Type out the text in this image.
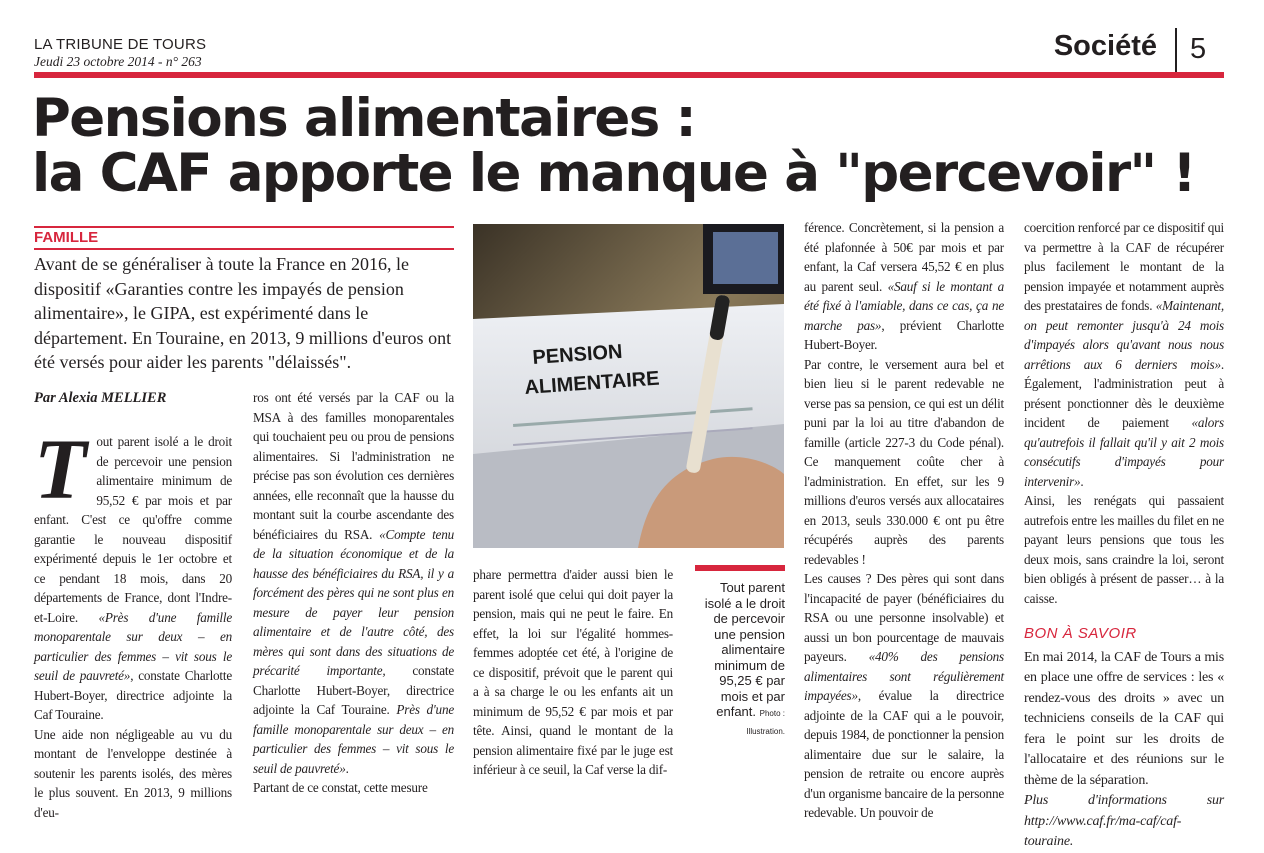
LA TRIBUNE DE TOURS
Jeudi 23 octobre 2014 - n° 263	Société 5
Pensions alimentaires :
la CAF apporte le manque à "percevoir" !
FAMILLE
Avant de se généraliser à toute la France en 2016, le dispositif «Garanties contre les impayés de pension alimentaire», le GIPA, est expérimenté dans le département. En Touraine, en 2013, 9 millions d'euros ont été versés pour aider les parents "délaissés".
Par Alexia MELLIER

Tout parent isolé a le droit de percevoir une pension alimentaire minimum de 95,52 € par mois et par enfant. C'est ce qu'offre comme garantie le nouveau dispositif expérimenté depuis le 1er octobre et ce pendant 18 mois, dans 20 départements de France, dont l'Indre-et-Loire. «Près d'une famille monoparentale sur deux – en particulier des femmes – vit sous le seuil de pauvreté», constate Charlotte Hubert-Boyer, directrice adjointe la Caf Touraine.

Une aide non négligeable au vu du montant de l'enveloppe destinée à soutenir les parents isolés, des mères le plus souvent. En 2013, 9 millions d'eu-

ros ont été versés par la CAF ou la MSA à des familles monoparentales qui touchaient peu ou prou de pensions alimentaires. Si l'administration ne précise pas son évolution ces dernières années, elle reconnaît que la hausse du montant suit la courbe ascendante des bénéficiaires du RSA. «Compte tenu de la situation économique et de la hausse des bénéficiaires du RSA, il y a forcément des pères qui ne sont plus en mesure de payer leur pension alimentaire et de l'autre côté, des mères qui sont dans des situations de précarité importante, constate Charlotte Hubert-Boyer, directrice adjointe la Caf Touraine. Près d'une famille monoparentale sur deux – en particulier des femmes – vit sous le seuil de pauvreté».

Partant de ce constat, cette mesure

PENSION
ALIMENTAIRE
Tout parent isolé a le droit de percevoir une pension alimentaire minimum de 95,25 € par mois et par enfant. Photo : Illustration.

phare permettra d'aider aussi bien le parent isolé que celui qui doit payer la pension, mais qui ne peut le faire. En effet, la loi sur l'égalité hommes-femmes adoptée cet été, à l'origine de ce dispositif, prévoit que le parent qui a à sa charge le ou les enfants ait un minimum de 95,52 € par mois et par tête. Ainsi, quand le montant de la pension alimentaire fixé par le juge est inférieur à ce seuil, la Caf verse la dif-

férence. Concrètement, si la pension a été plafonnée à 50€ par mois et par enfant, la Caf versera 45,52 € en plus au parent seul. «Sauf si le montant a été fixé à l'amiable, dans ce cas, ça ne marche pas», prévient Charlotte Hubert-Boyer.

Par contre, le versement aura bel et bien lieu si le parent redevable ne verse pas sa pension, ce qui est un délit puni par la loi au titre d'abandon de famille (article 227-3 du Code pénal). Ce manquement coûte cher à l'administration. En effet, sur les 9 millions d'euros versés aux allocataires en 2013, seuls 330.000 € ont pu être récupérés auprès des parents redevables !

Les causes ? Des pères qui sont dans l'incapacité de payer (bénéficiaires du RSA ou une personne insolvable) et aussi un bon pourcentage de mauvais payeurs. «40% des pensions alimentaires sont régulièrement impayées», évalue la directrice adjointe de la CAF qui a le pouvoir, depuis 1984, de ponctionner la pension alimentaire due sur le salaire, la pension de retraite ou encore auprès d'un organisme bancaire de la personne redevable. Un pouvoir de

coercition renforcé par ce dispositif qui va permettre à la CAF de récupérer plus facilement le montant de la pension impayée et notamment auprès des prestataires de fonds. «Maintenant, on peut remonter jusqu'à 24 mois d'impayés alors qu'avant nous nous arrêtions aux 6 derniers mois». Également, l'administration peut à présent ponctionner dès le deuxième incident de paiement «alors qu'autrefois il fallait qu'il y ait 2 mois consécutifs d'impayés pour intervenir».

Ainsi, les renégats qui passaient autrefois entre les mailles du filet en ne payant leurs pensions que tous les deux mois, sans craindre la loi, seront bien obligés à présent de passer… à la caisse.

BON À SAVOIR
En mai 2014, la CAF de Tours a mis en place une offre de services : les « rendez-vous des droits » avec un techniciens conseils de la CAF qui fera le point sur les droits de l'allocataire et des réunions sur le thème de la séparation.
Plus d'informations sur http://www.caf.fr/ma-caf/caf-touraine.
